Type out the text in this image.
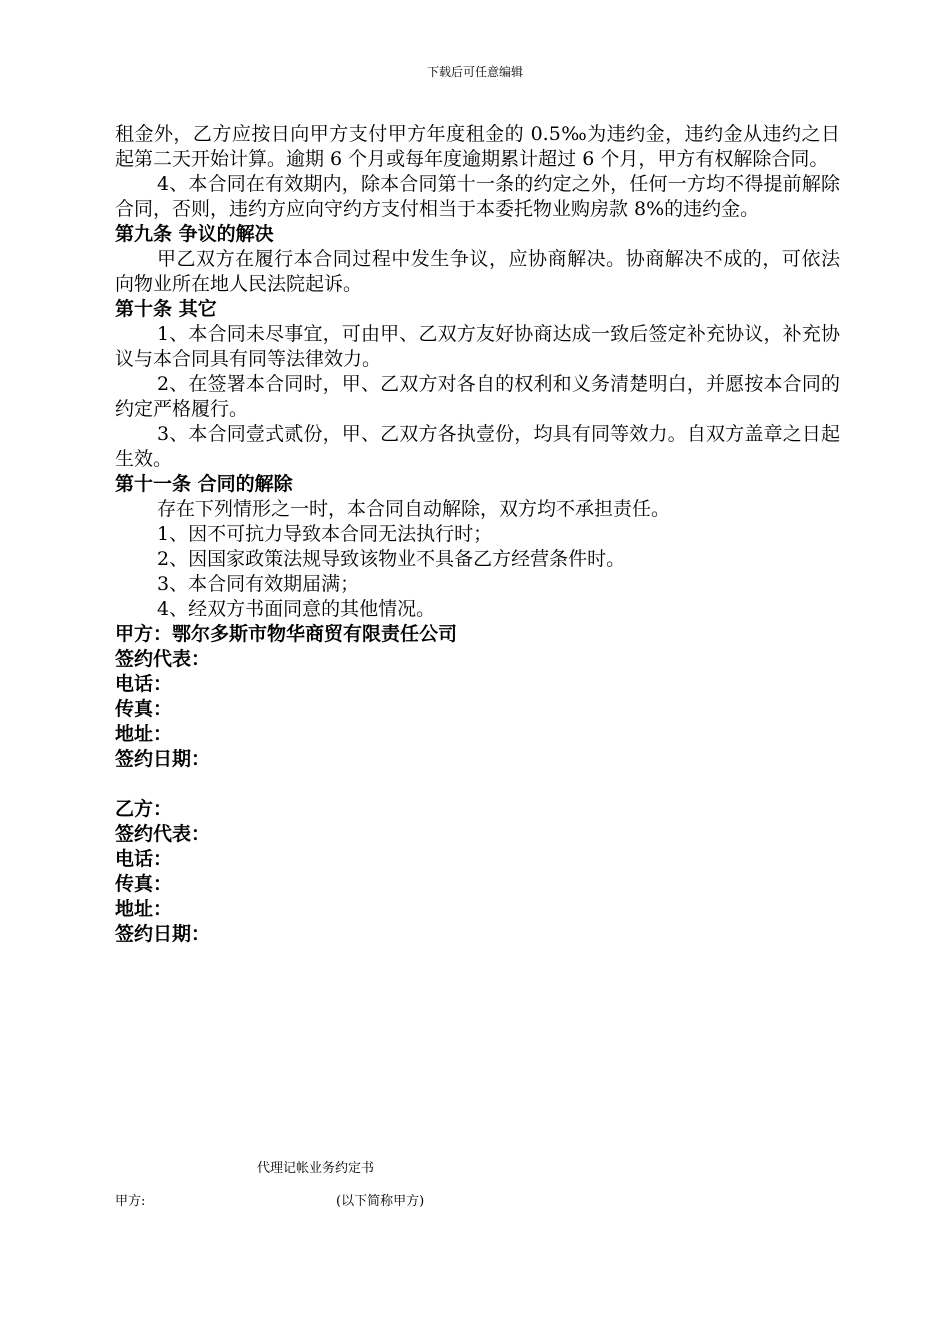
下载后可任意编辑

租金外，乙方应按日向甲方支付甲方年度租金的 0.5‰为违约金，违约金从违约之日起第二天开始计算。逾期 6 个月或每年度逾期累计超过 6 个月，甲方有权解除合同。

4、本合同在有效期内，除本合同第十一条的约定之外，任何一方均不得提前解除合同，否则，违约方应向守约方支付相当于本委托物业购房款 8%的违约金。

第九条 争议的解决

甲乙双方在履行本合同过程中发生争议，应协商解决。协商解决不成的，可依法向物业所在地人民法院起诉。

第十条 其它

1、本合同未尽事宜，可由甲、乙双方友好协商达成一致后签定补充协议，补充协议与本合同具有同等法律效力。

2、在签署本合同时，甲、乙双方对各自的权利和义务清楚明白，并愿按本合同的约定严格履行。

3、本合同壹式贰份，甲、乙双方各执壹份，均具有同等效力。自双方盖章之日起生效。

第十一条 合同的解除

存在下列情形之一时，本合同自动解除，双方均不承担责任。

1、因不可抗力导致本合同无法执行时；

2、因国家政策法规导致该物业不具备乙方经营条件时。

3、本合同有效期届满；

4、经双方书面同意的其他情况。

甲方：鄂尔多斯市物华商贸有限责任公司

签约代表：

电话：

传真：

地址：

签约日期：

乙方：

签约代表：

电话：

传真：

地址：

签约日期：

代理记帐业务约定书
甲方:	(以下简称甲方)
